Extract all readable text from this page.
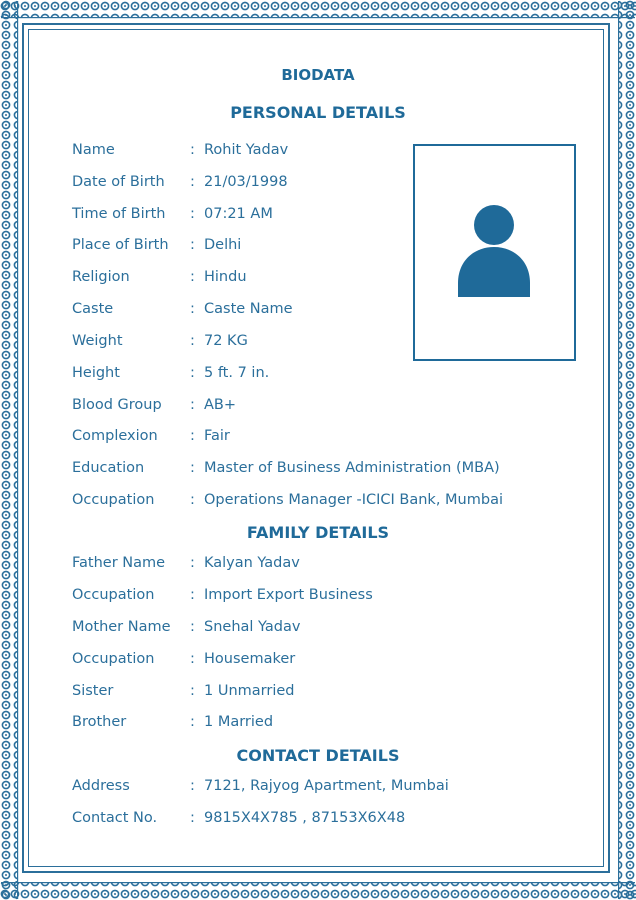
BIODATA
PERSONAL DETAILS
Name	: Rohit Yadav
Date of Birth : 21/03/1998
Time of Birth : 07:21 AM
Place of Birth : Delhi
Religion	: Hindu
Caste	: Caste Name
Weight	: 72 KG
Height	: 5 ft. 7 in.
Blood Group : AB+
Complexion : Fair
Education	: Master of Business Administration (MBA)
Occupation : Operations Manager -ICICI Bank, Mumbai
FAMILY DETAILS
Father Name : Kalyan Yadav
Occupation : Import Export Business
Mother Name : Snehal Yadav
Occupation : Housemaker
Sister	: 1 Unmarried
Brother	: 1 Married
CONTACT DETAILS
Address	: 7121, Rajyog Apartment, Mumbai
Contact No. : 9815X4X785 , 87153X6X48
